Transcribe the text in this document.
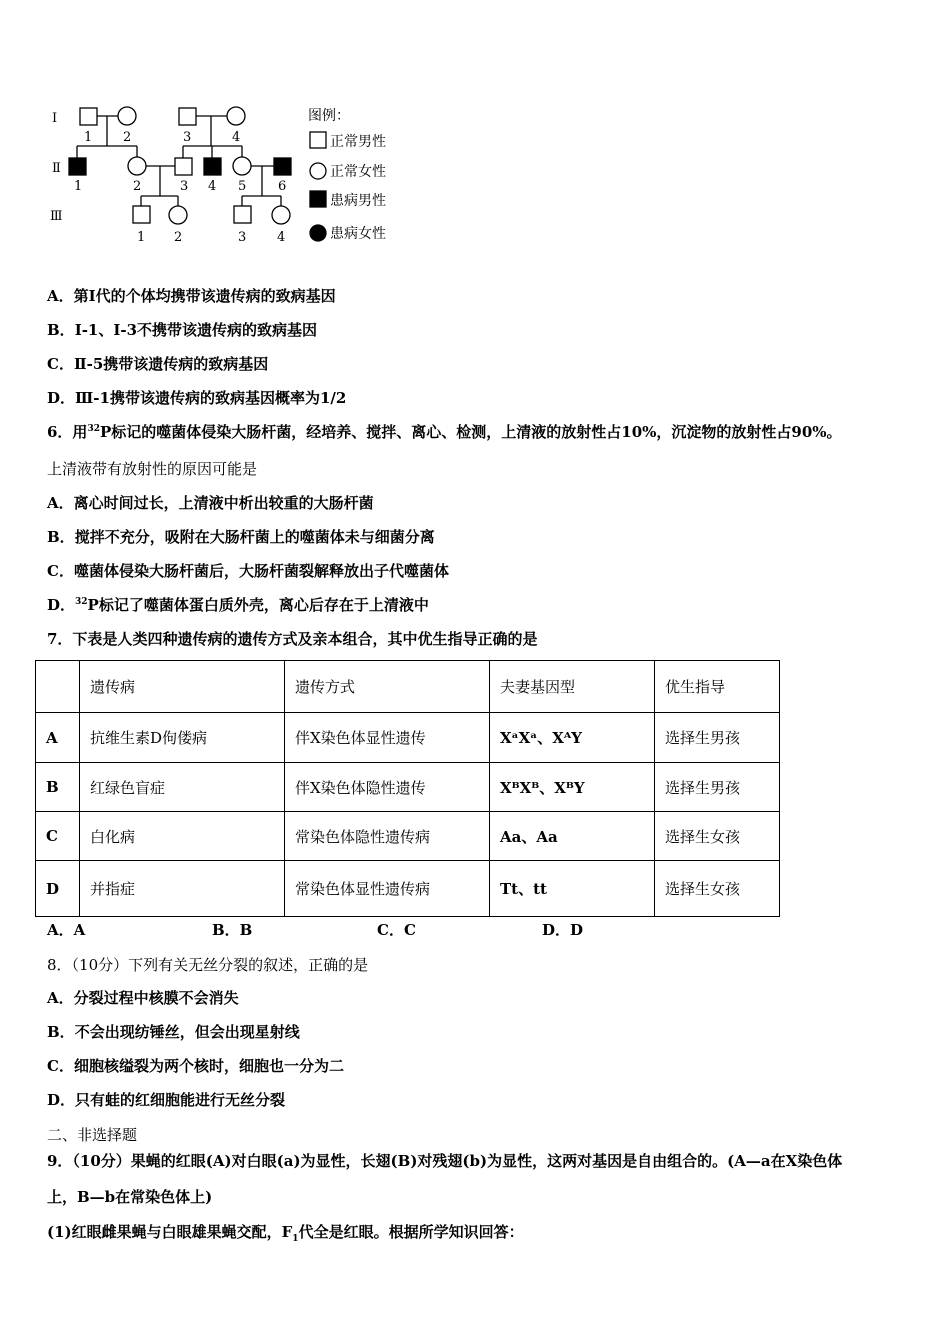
Ⅰ
Ⅱ
Ⅲ
1 2	3	4
1	2	3 4 5 6
1 2	3 4
图例：
正常男性
正常女性
患病男性
患病女性
A．第Ⅰ代的个体均携带该遗传病的致病基因
B．Ⅰ-1、Ⅰ-3不携带该遗传病的致病基因
C．Ⅱ-5携带该遗传病的致病基因
D．Ⅲ-1携带该遗传病的致病基因概率为1/2
6．用$^{32}$P标记的噬菌体侵染大肠杆菌，经培养、搅拌、离心、检测，上清液的放射性占10%，沉淀物的放射性占90%。
上清液带有放射性的原因可能是
A．离心时间过长，上清液中析出较重的大肠杆菌
B．搅拌不充分，吸附在大肠杆菌上的噬菌体未与细菌分离
C．噬菌体侵染大肠杆菌后，大肠杆菌裂解释放出子代噬菌体
D．$^{32}$P标记了噬菌体蛋白质外壳，离心后存在于上清液中
7．下表是人类四种遗传病的遗传方式及亲本组合，其中优生指导正确的是
	遗传病	遗传方式	夫妻基因型	优生指导
A	抗维生素D佝偻病	伴X染色体显性遗传	XᵃXᵃ、XᴬY	选择生男孩
B	红绿色盲症	伴X染色体隐性遗传	XᴮXᴮ、XᴮY	选择生男孩
C	白化病	常染色体隐性遗传病	Aa、Aa	选择生女孩
D	并指症	常染色体显性遗传病	Tt、tt	选择生女孩
A．A	B．B	C．C	D．D
8．（10分）下列有关无丝分裂的叙述，正确的是
A．分裂过程中核膜不会消失
B．不会出现纺锤丝，但会出现星射线
C．细胞核缢裂为两个核时，细胞也一分为二
D．只有蛙的红细胞能进行无丝分裂
二、非选择题
9．（10分）果蝇的红眼(A)对白眼(a)为显性，长翅(B)对残翅(b)为显性，这两对基因是自由组合的。(A—a在X染色体
上，B—b在常染色体上)
(1)红眼雌果蝇与白眼雄果蝇交配，$F_1$代全是红眼。根据所学知识回答：
